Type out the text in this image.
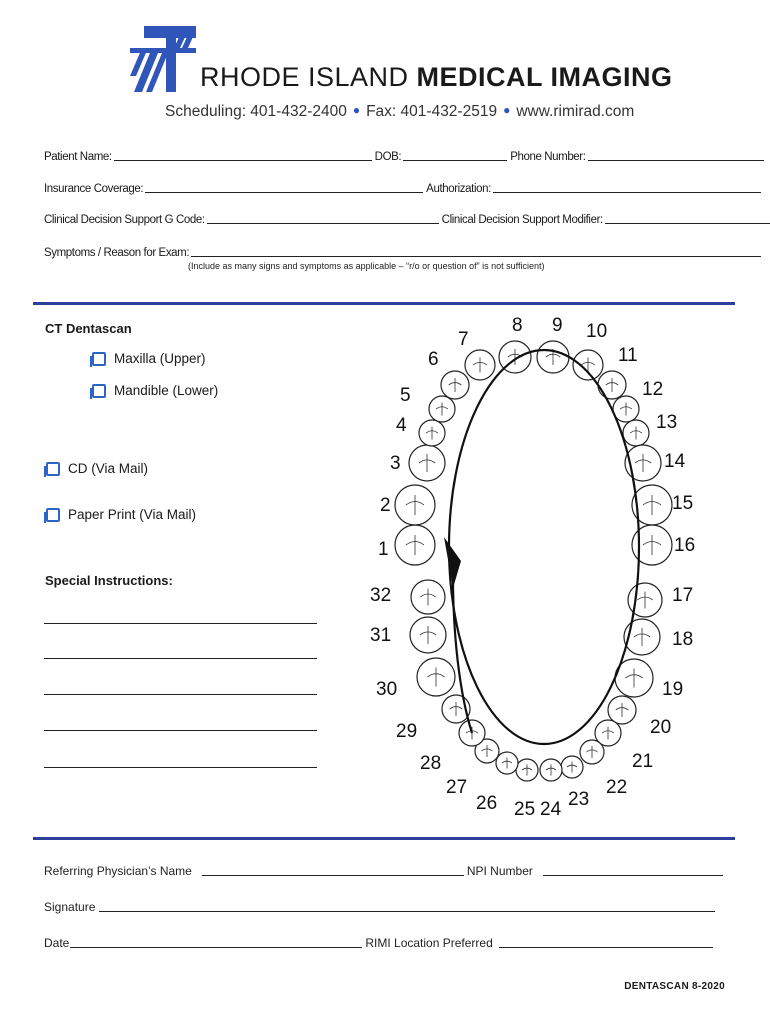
RHODE ISLAND MEDICAL IMAGING
Scheduling: 401-432-2400 ● Fax: 401-432-2519 ● www.rimirad.com
Patient Name:	DOB:	Phone Number:
Insurance Coverage:	Authorization:
Clinical Decision Support G Code:	Clinical Decision Support Modifier:
Symptoms / Reason for Exam:
(Include as many signs and symptoms as applicable – “r/o or question of” is not sufficient)
CT Dentascan
Maxilla (Upper)
Mandible (Lower)
CD (Via Mail)
Paper Print (Via Mail)
Special Instructions:
1
2
3
4
5
6
7
8 9 10
11
12
13
14
15
16
17
18
19
20
21
22
23
24
25
26
27
28
29
30
31
32
Referring Physician’s Name	NPI Number
Signature
Date	RIMI Location Preferred
DENTASCAN 8-2020
